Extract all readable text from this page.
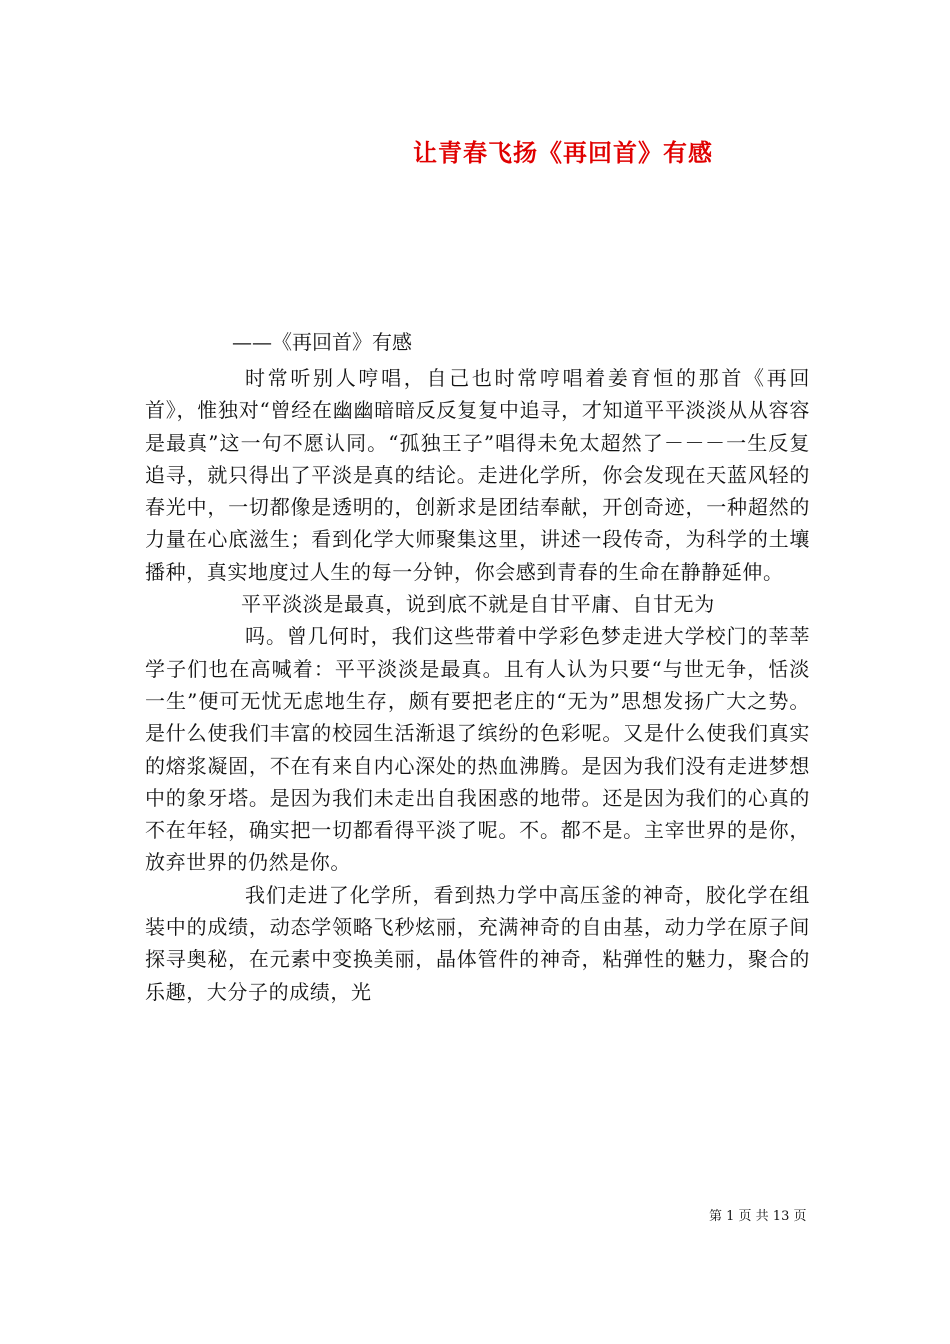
让青春飞扬《再回首》有感

——《再回首》有感

时常听别人哼唱，自己也时常哼唱着姜育恒的那首《再回首》，惟独对“曾经在幽幽暗暗反反复复中追寻，才知道平平淡淡从从容容是最真”这一句不愿认同。“孤独王子”唱得未免太超然了－－－一生反复追寻，就只得出了平淡是真的结论。走进化学所，你会发现在天蓝风轻的春光中，一切都像是透明的，创新求是团结奉献，开创奇迹，一种超然的力量在心底滋生；看到化学大师聚集这里，讲述一段传奇，为科学的土壤播种，真实地度过人生的每一分钟，你会感到青春的生命在静静延伸。

平平淡淡是最真，说到底不就是自甘平庸、自甘无为

吗。曾几何时，我们这些带着中学彩色梦走进大学校门的莘莘学子们也在高喊着：平平淡淡是最真。且有人认为只要“与世无争，恬淡一生”便可无忧无虑地生存，颇有要把老庄的“无为”思想发扬广大之势。是什么使我们丰富的校园生活渐退了缤纷的色彩呢。又是什么使我们真实的熔浆凝固，不在有来自内心深处的热血沸腾。是因为我们没有走进梦想中的象牙塔。是因为我们未走出自我困惑的地带。还是因为我们的心真的不在年轻，确实把一切都看得平淡了呢。不。都不是。主宰世界的是你，放弃世界的仍然是你。

我们走进了化学所，看到热力学中高压釜的神奇，胶化学在组装中的成绩，动态学领略飞秒炫丽，充满神奇的自由基，动力学在原子间探寻奥秘，在元素中变换美丽，晶体管件的神奇，粘弹性的魅力，聚合的乐趣，大分子的成绩，光

第 1 页 共 13 页
